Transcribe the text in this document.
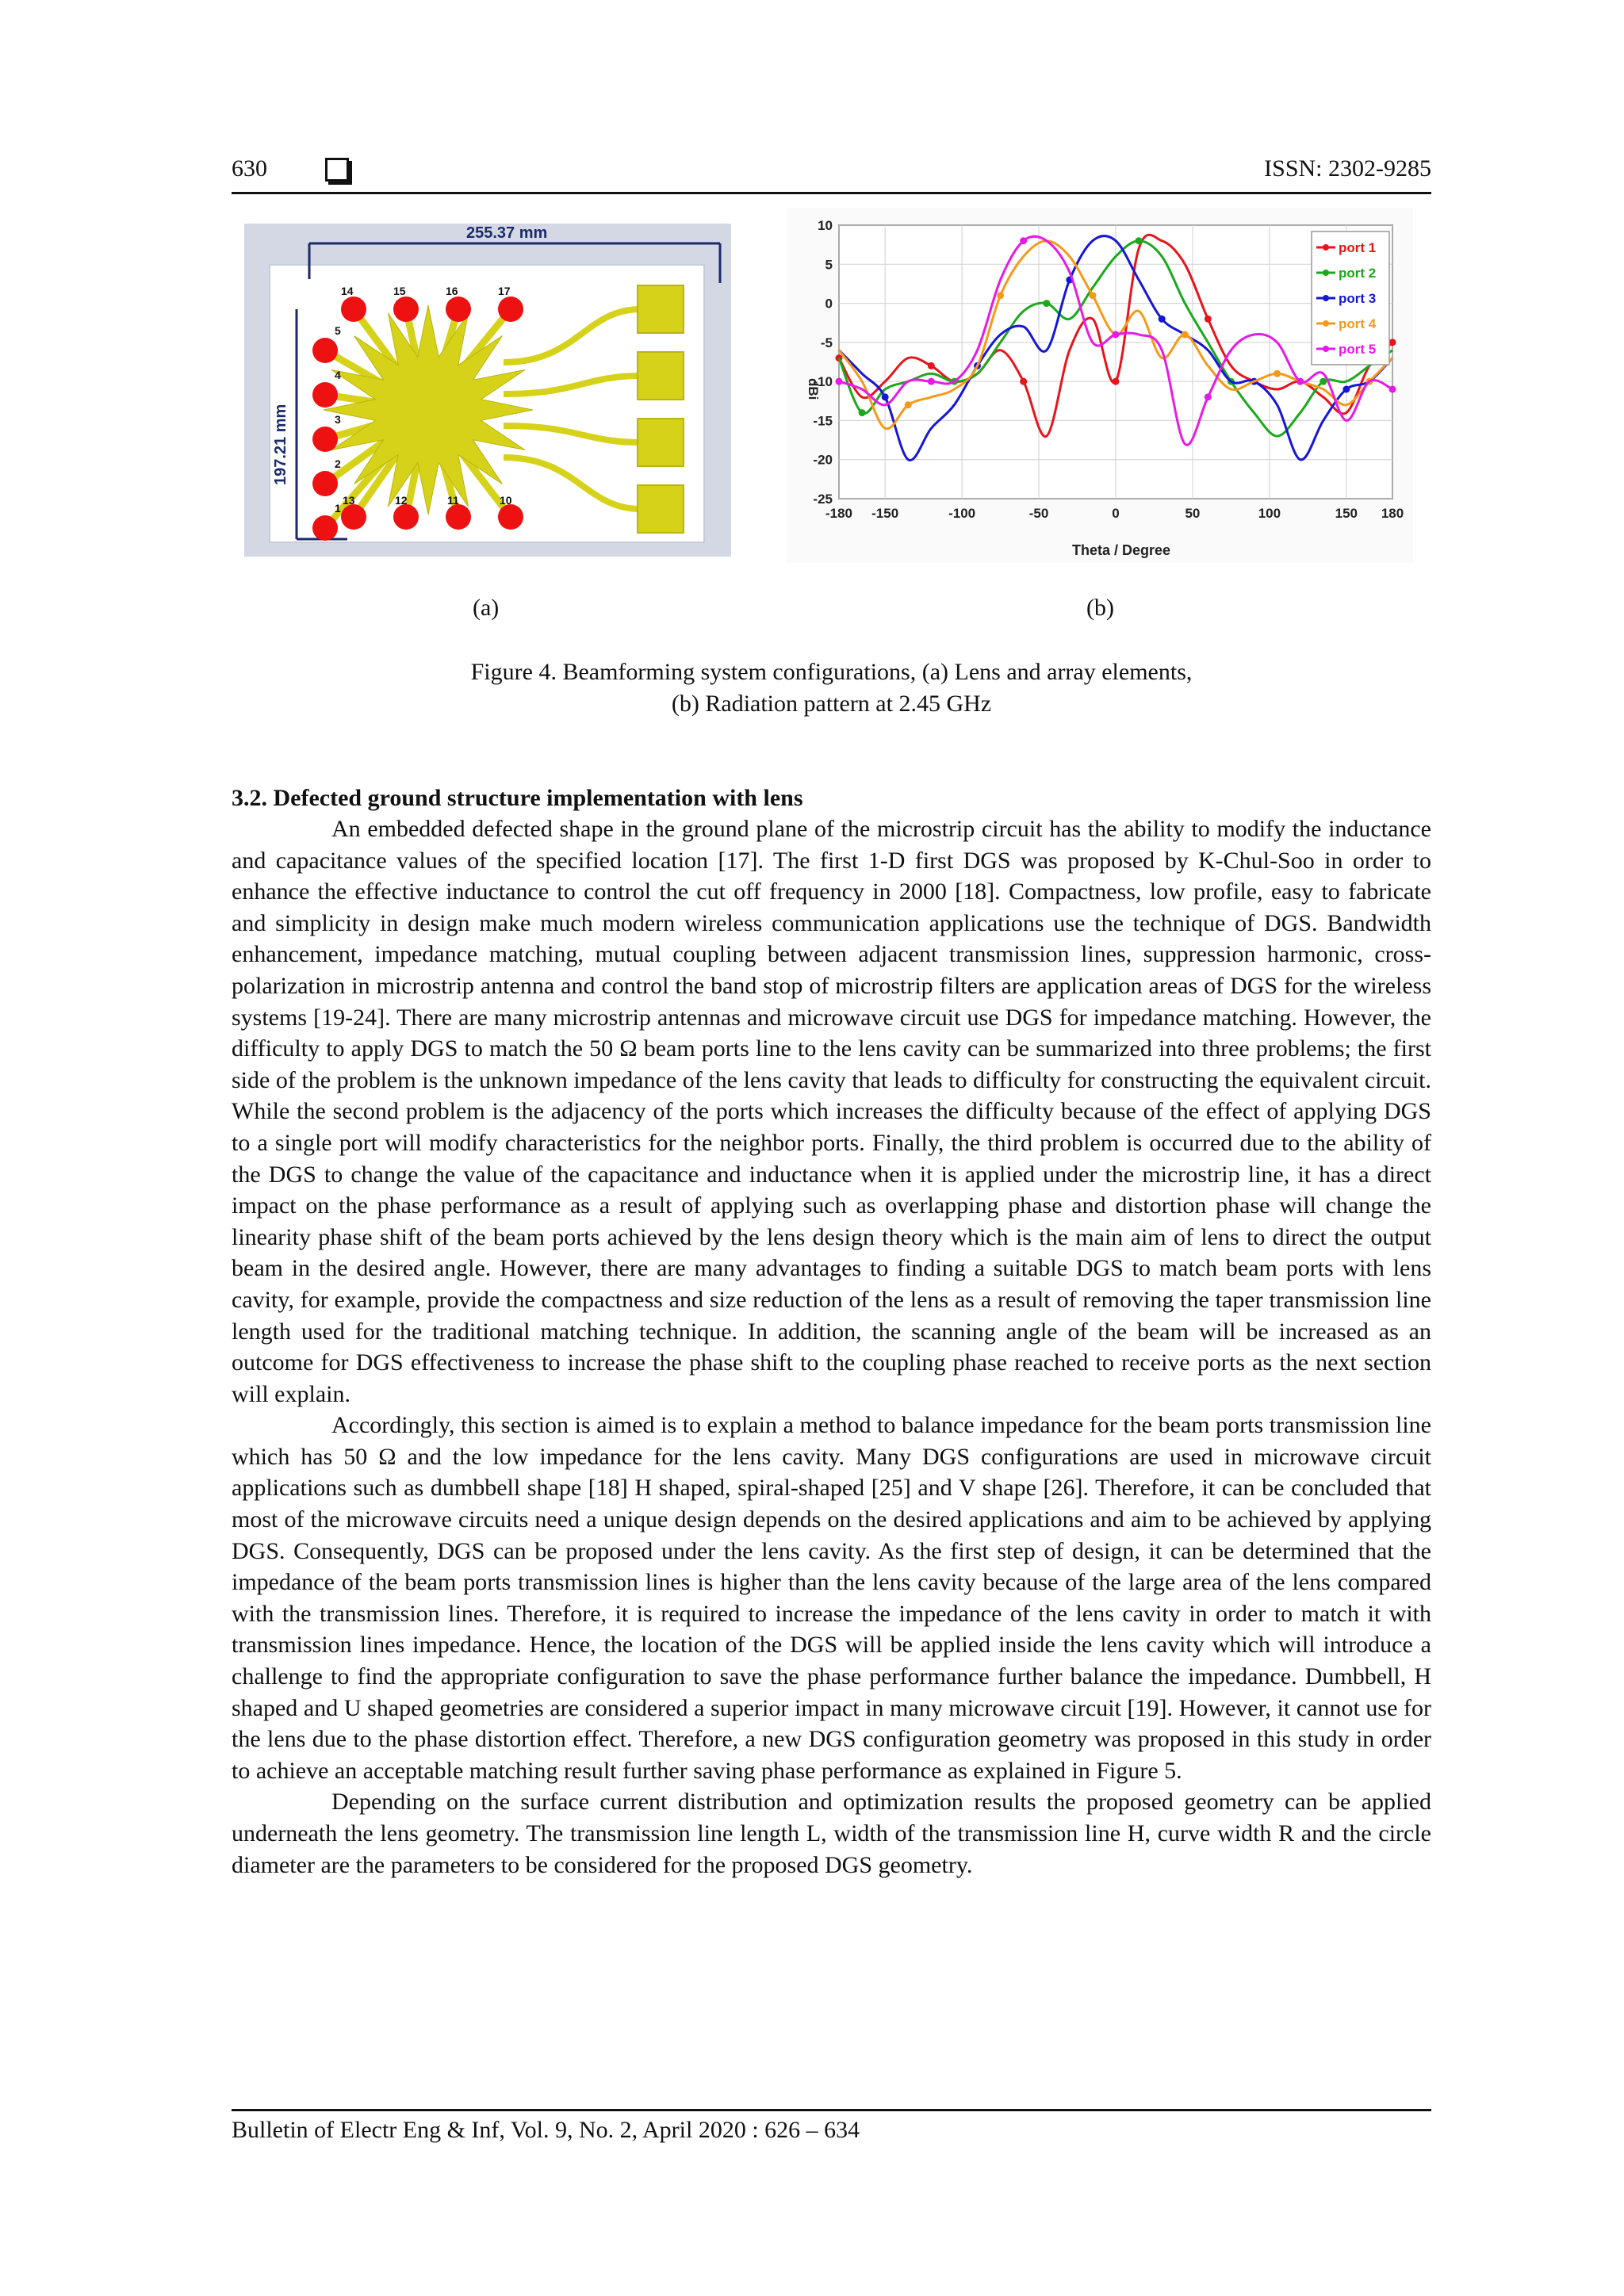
630	ISSN: 2302-9285
255.37 mm
197.21 mm
14	15	16	17
13	12	11	10
5
4
3
2
1
10
5
0
-5
-10
-15
-20
-25
-180 -150	-100	-50	0	50	100	150 180
dBi
Theta / Degree
port 1
port 2
port 3
port 4
port 5
(a)	(b)
Figure 4. Beamforming system configurations, (a) Lens and array elements,
(b) Radiation pattern at 2.45 GHz
3.2. Defected ground structure implementation with lens

An embedded defected shape in the ground plane of the microstrip circuit has the ability to modify the inductance and capacitance values of the specified location [17]. The first 1-D first DGS was proposed by K-Chul-Soo in order to enhance the effective inductance to control the cut off frequency in 2000 [18]. Compactness, low profile, easy to fabricate and simplicity in design make much modern wireless communication applications use the technique of DGS. Bandwidth enhancement, impedance matching, mutual coupling between adjacent transmission lines, suppression harmonic, cross-polarization in microstrip antenna and control the band stop of microstrip filters are application areas of DGS for the wireless systems [19-24]. There are many microstrip antennas and microwave circuit use DGS for impedance matching. However, the difficulty to apply DGS to match the 50 Ω beam ports line to the lens cavity can be summarized into three problems; the first side of the problem is the unknown impedance of the lens cavity that leads to difficulty for constructing the equivalent circuit. While the second problem is the adjacency of the ports which increases the difficulty because of the effect of applying DGS to a single port will modify characteristics for the neighbor ports. Finally, the third problem is occurred due to the ability of the DGS to change the value of the capacitance and inductance when it is applied under the microstrip line, it has a direct impact on the phase performance as a result of applying such as overlapping phase and distortion phase will change the linearity phase shift of the beam ports achieved by the lens design theory which is the main aim of lens to direct the output beam in the desired angle. However, there are many advantages to finding a suitable DGS to match beam ports with lens cavity, for example, provide the compactness and size reduction of the lens as a result of removing the taper transmission line length used for the traditional matching technique. In addition, the scanning angle of the beam will be increased as an outcome for DGS effectiveness to increase the phase shift to the coupling phase reached to receive ports as the next section will explain.

Accordingly, this section is aimed is to explain a method to balance impedance for the beam ports transmission line which has 50 Ω and the low impedance for the lens cavity. Many DGS configurations are used in microwave circuit applications such as dumbbell shape [18] H shaped, spiral-shaped [25] and V shape [26]. Therefore, it can be concluded that most of the microwave circuits need a unique design depends on the desired applications and aim to be achieved by applying DGS. Consequently, DGS can be proposed under the lens cavity. As the first step of design, it can be determined that the impedance of the beam ports transmission lines is higher than the lens cavity because of the large area of the lens compared with the transmission lines. Therefore, it is required to increase the impedance of the lens cavity in order to match it with transmission lines impedance. Hence, the location of the DGS will be applied inside the lens cavity which will introduce a challenge to find the appropriate configuration to save the phase performance further balance the impedance. Dumbbell, H shaped and U shaped geometries are considered a superior impact in many microwave circuit [19]. However, it cannot use for the lens due to the phase distortion effect. Therefore, a new DGS configuration geometry was proposed in this study in order to achieve an acceptable matching result further saving phase performance as explained in Figure 5.

Depending on the surface current distribution and optimization results the proposed geometry can be applied underneath the lens geometry. The transmission line length L, width of the transmission line H, curve width R and the circle diameter are the parameters to be considered for the proposed DGS geometry.

Bulletin of Electr Eng & Inf, Vol. 9, No. 2, April 2020 : 626 – 634
